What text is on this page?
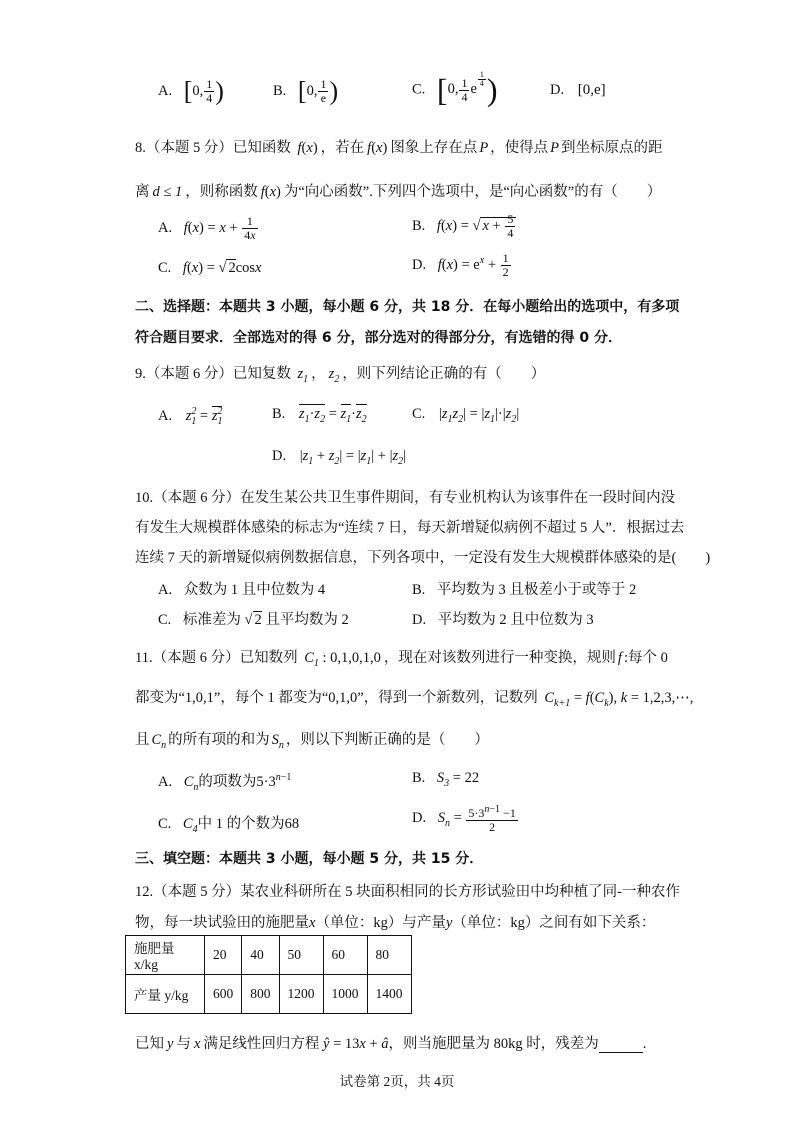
A. [0, $\frac{1}{4}$ )	B. [0, $\frac{1}{e}$ )	C. [0, $\frac{1}{4}$ e
$^{\frac{1}{4}}$ )	D. [0,e]
8.（本题 5 分）已知函数 f(x) ，若在 f(x) 图象上存在点 P ，使得点 P 到坐标原点的距
离 d ≤ 1 ，则称函数 f(x) 为“向心函数”.下列四个选项中，是“向心函数”的有（　　）
A. $f(x) = x + \frac{1}{4x}$	B. f(x) = √ $x + \frac{5}{4}$
C. f(x) = √ 2cosx	D. $f(x) = e^x + \frac{1}{2}$
二、选择题：本题共 3 小题，每小题 6 分，共 18 分．在每小题给出的选项中，有多项
符合题目要求．全部选对的得 6 分，部分选对的得部分分，有选错的得 0 分．
9.（本题 6 分）已知复数 $z_1$ ， $z_2$ ，则下列结论正确的有（　　）
A. $z_1^2 = z_1^2$	B. $z_1\cdot z_2 = z_1\cdot z_2$	C. $|z_1z_2| = |z_1|\cdot|z_2|$
D. $|z_1 + z_2| = |z_1| + |z_2|$
10.（本题 6 分）在发生某公共卫生事件期间，有专业机构认为该事件在一段时间内没
有发生大规模群体感染的标志为“连续 7 日，每天新增疑似病例不超过 5 人”．根据过去
连续 7 天的新增疑似病例数据信息，下列各项中，一定没有发生大规模群体感染的是(　　)
A. 众数为 1 且中位数为 4	B. 平均数为 3 且极差小于或等于 2
C. 标准差为 √ 2 且平均数为 2	D. 平均数为 2 且中位数为 3
11.（本题 6 分）已知数列 $C_1$ : 0,1,0,1,0 ，现在对该数列进行一种变换，规则 f :每个 0
都变为“1,0,1”，每个 1 都变为“0,1,0”，得到一个新数列，记数列 $C_{k+1} = f(C_k)$, k = 1,2,3,⋯,
且 $C_n$ 的所有项的和为 $S_n$ ，则以下判断正确的是（　　）
A. $C_n$的项数为$5\cdot 3^{n-1}$	B. $S_3 = 22$
C. $C_4$中 1 的个数为68	D. $S_n = \frac{5\cdot 3^{n-1} -1}{2}$
三、填空题：本题共 3 小题，每小题 5 分，共 15 分．
12.（本题 5 分）某农业科研所在 5 块面积相同的长方形试验田中均种植了同-一种农作
物，每一块试验田的施肥量x（单位：kg）与产量y（单位：kg）之间有如下关系：
施肥量 x/kg	20	40	50	60	80
产量 y/kg	600	800	1200	1000	1400
已知 y 与 x 满足线性回归方程 ŷ = 13x + â，则当施肥量为 80kg 时，残差为	.
试卷第 2页，共 4页
